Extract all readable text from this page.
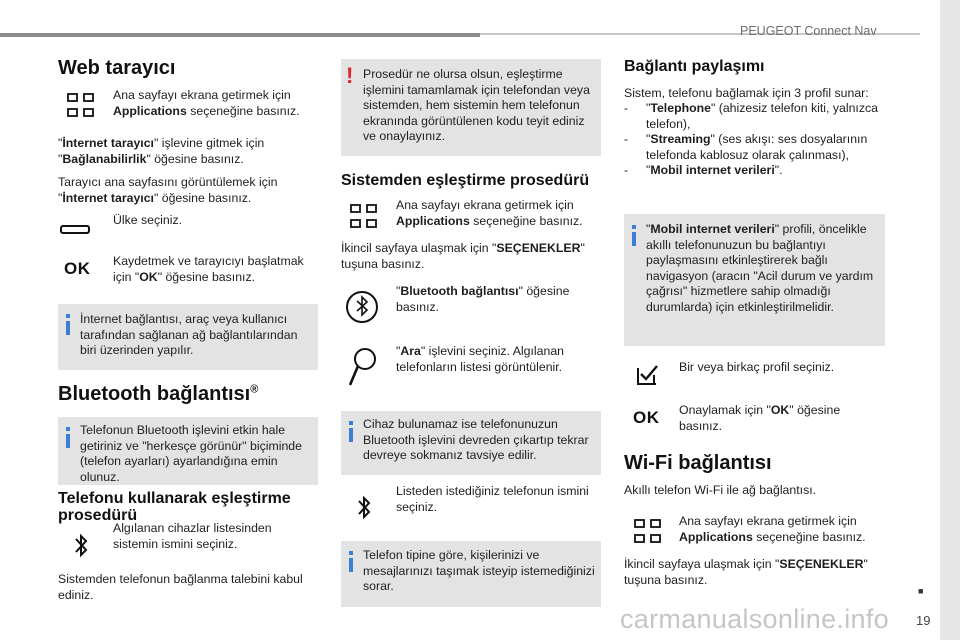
PEUGEOT Connect Nav
Web tarayıcı
Ana sayfayı ekrana getirmek için Applications seçeneğine basınız.
"İnternet tarayıcı" işlevine gitmek için "Bağlanabilirlik" öğesine basınız.
Tarayıcı ana sayfasını görüntülemek için "İnternet tarayıcı" öğesine basınız.
Ülke seçiniz.
OK Kaydetmek ve tarayıcıyı başlatmak için "OK" öğesine basınız.
İnternet bağlantısı, araç veya kullanıcı tarafından sağlanan ağ bağlantılarından biri üzerinden yapılır.
Bluetooth bağlantısı®
Telefonun Bluetooth işlevini etkin hale getiriniz ve "herkesçe görünür" biçiminde (telefon ayarları) ayarlandığına emin olunuz.
Telefonu kullanarak eşleştirme prosedürü
Algılanan cihazlar listesinden sistemin ismini seçiniz.
Sistemden telefonun bağlanma talebini kabul ediniz.
! Prosedür ne olursa olsun, eşleştirme işlemini tamamlamak için telefondan veya sistemden, hem sistemin hem telefonun ekranında görüntülenen kodu teyit ediniz ve onaylayınız.
Sistemden eşleştirme prosedürü
Ana sayfayı ekrana getirmek için Applications seçeneğine basınız.
İkincil sayfaya ulaşmak için "SEÇENEKLER" tuşuna basınız.
"Bluetooth bağlantısı" öğesine basınız.
"Ara" işlevini seçiniz. Algılanan telefonların listesi görüntülenir.
Cihaz bulunamaz ise telefonunuzun Bluetooth işlevini devreden çıkartıp tekrar devreye sokmanız tavsiye edilir.
Listeden istediğiniz telefonun ismini seçiniz.
Telefon tipine göre, kişilerinizi ve mesajlarınızı taşımak isteyip istemediğinizi sorar.
Bağlantı paylaşımı
Sistem, telefonu bağlamak için 3 profil sunar:
- "Telephone" (ahizesiz telefon kiti, yalnızca telefon),
- "Streaming" (ses akışı: ses dosyalarının telefonda kablosuz olarak çalınması),
- "Mobil internet verileri".
"Mobil internet verileri" profili, öncelikle akıllı telefonunuzun bu bağlantıyı paylaşmasını etkinleştirerek bağlı navigasyon (aracın "Acil durum ve yardım çağrısı" hizmetlere sahip olmadığı durumlarda) için etkinleştirilmelidir.
Bir veya birkaç profil seçiniz.
OK Onaylamak için "OK" öğesine basınız.
Wi-Fi bağlantısı
Akıllı telefon Wi-Fi ile ağ bağlantısı.
Ana sayfayı ekrana getirmek için Applications seçeneğine basınız.
İkincil sayfaya ulaşmak için "SEÇENEKLER" tuşuna basınız.
carmanualsonline.info
■
19
